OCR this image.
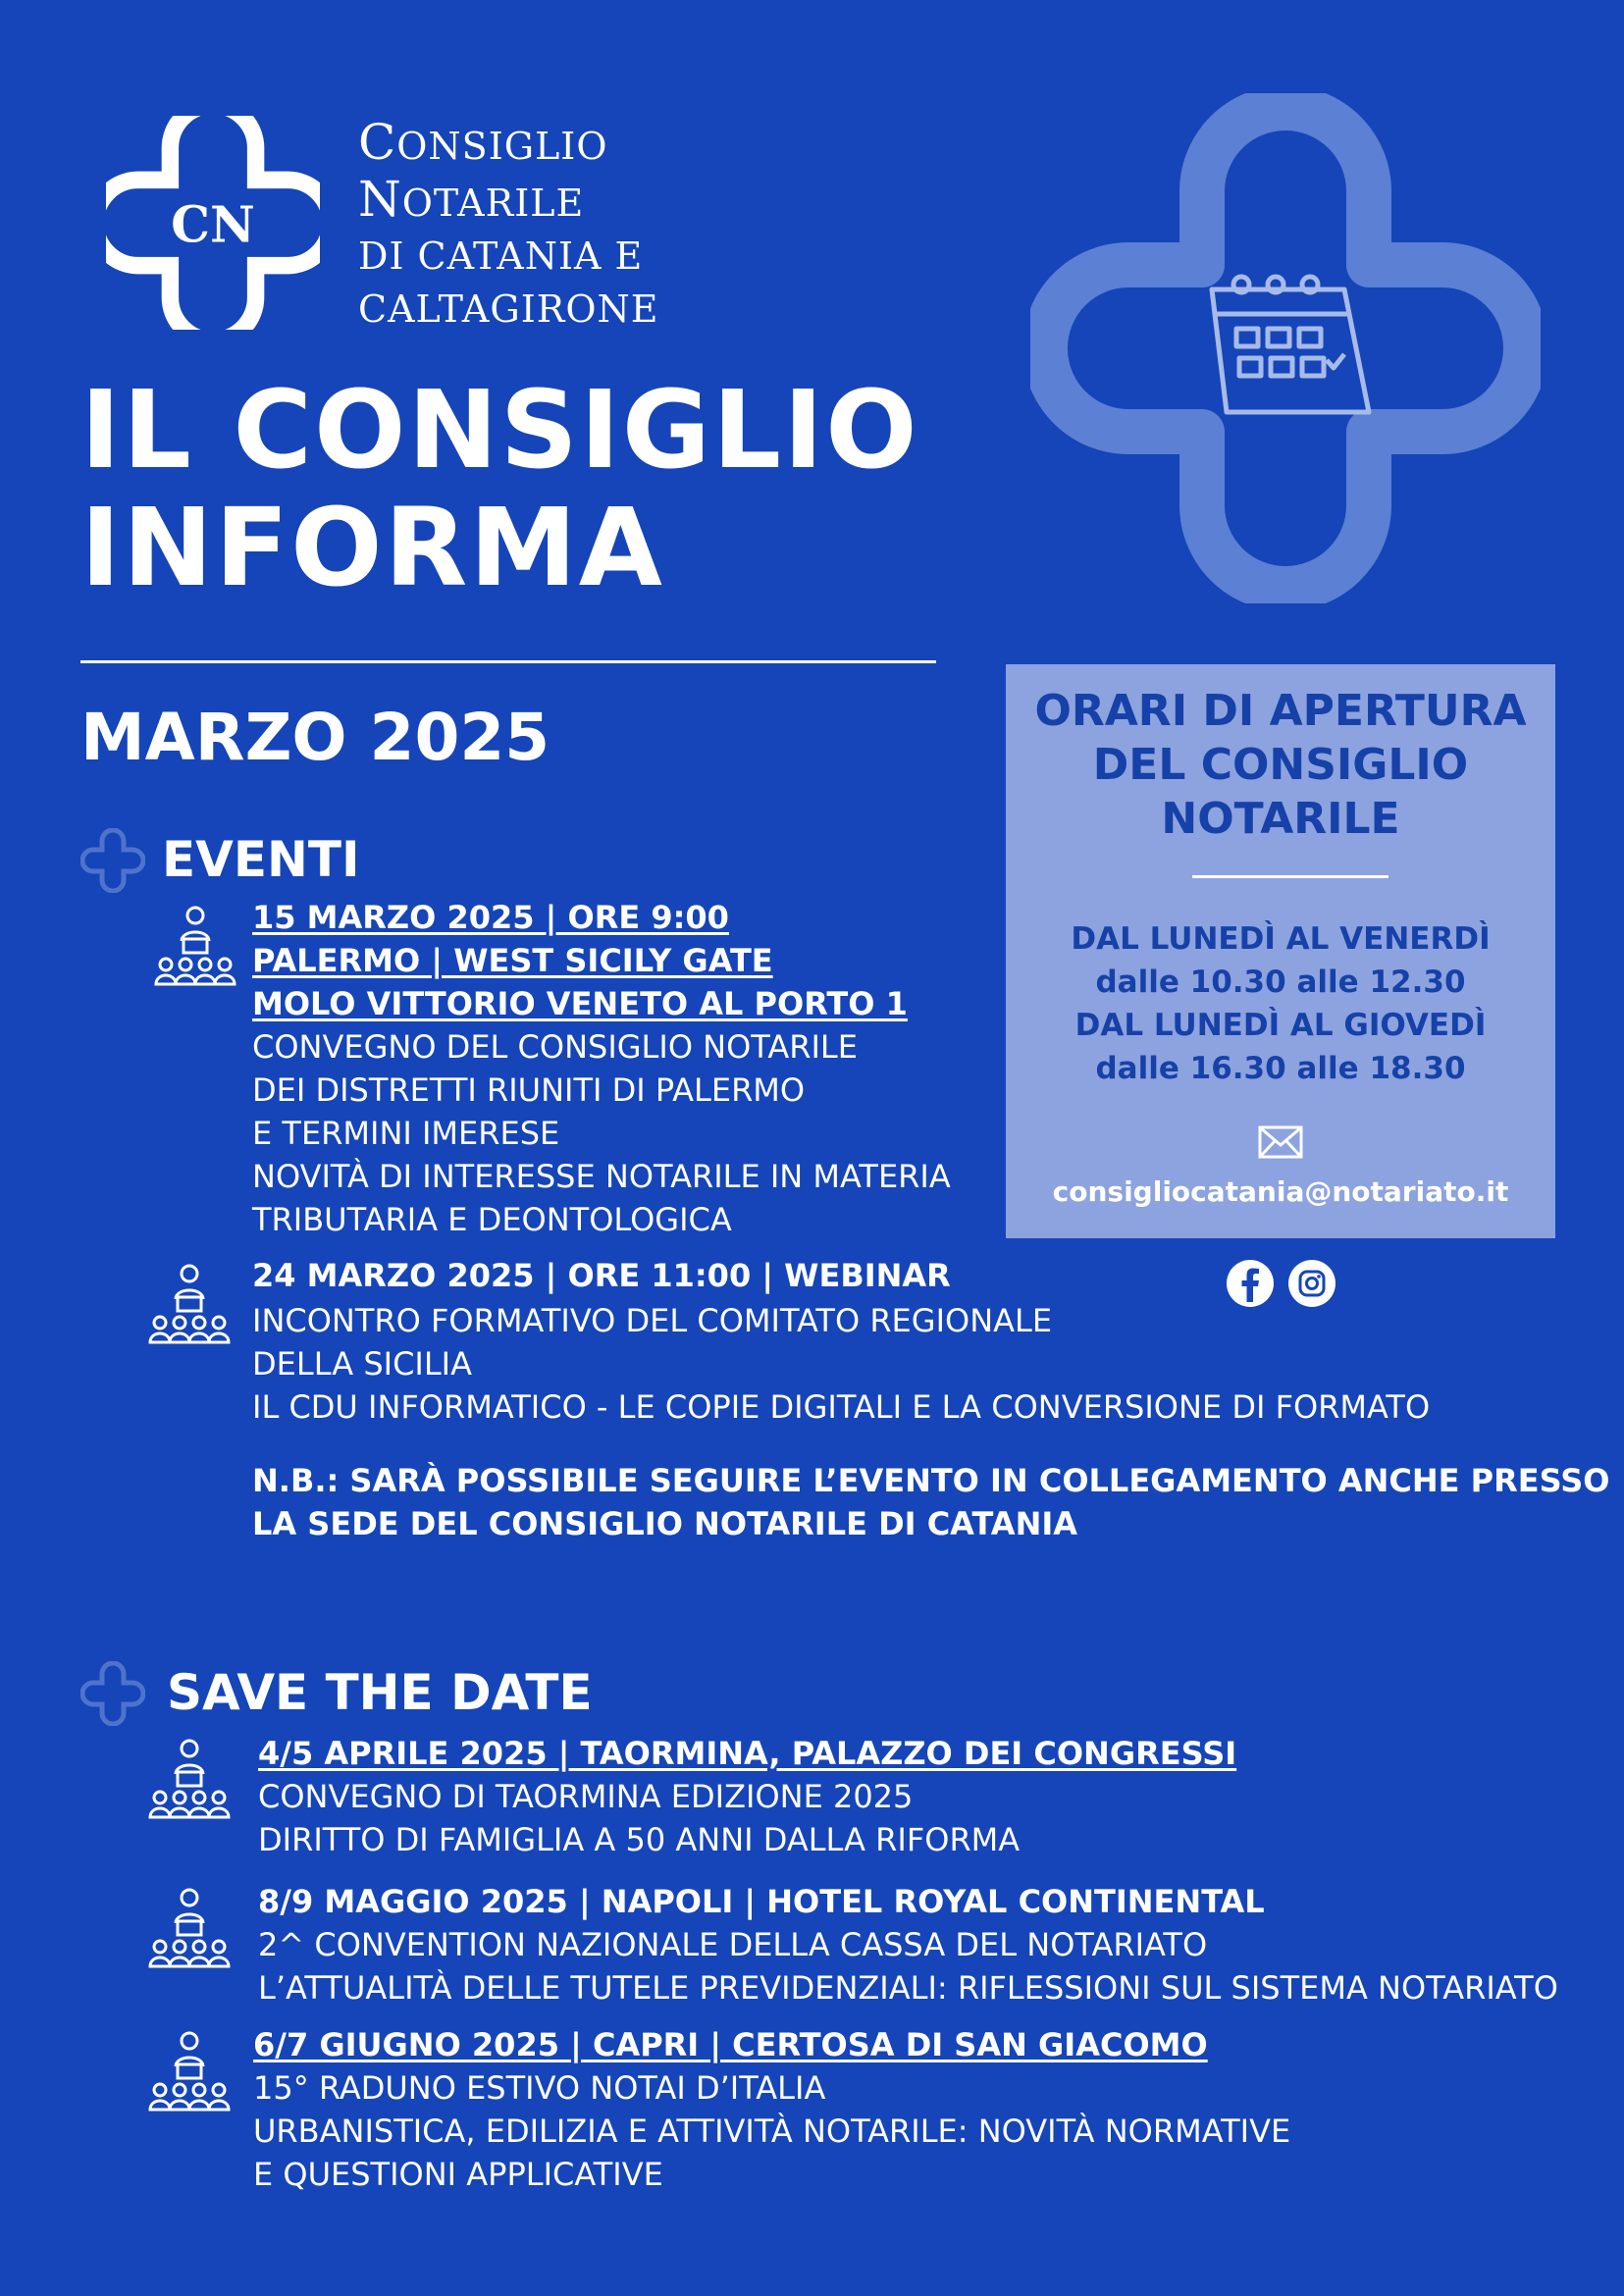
CN
CONSIGLIO
NOTARILE
DI CATANIA E
CALTAGIRONE
IL CONSIGLIO
INFORMA
MARZO 2025	ORARI DI APERTURA
DEL CONSIGLIO
NOTARILE
DAL LUNEDÌ AL VENERDÌ
dalle 10.30 alle 12.30
DAL LUNEDÌ AL GIOVEDÌ
dalle 16.30 alle 18.30
consigliocatania@notariato.it
EVENTI
15 MARZO 2025 | ORE 9:00
PALERMO | WEST SICILY GATE
MOLO VITTORIO VENETO AL PORTO 1
CONVEGNO DEL CONSIGLIO NOTARILE
DEI DISTRETTI RIUNITI DI PALERMO
E TERMINI IMERESE
NOVITÀ DI INTERESSE NOTARILE IN MATERIA
TRIBUTARIA E DEONTOLOGICA
24 MARZO 2025 | ORE 11:00 | WEBINAR
INCONTRO FORMATIVO DEL COMITATO REGIONALE
DELLA SICILIA
IL CDU INFORMATICO - LE COPIE DIGITALI E LA CONVERSIONE DI FORMATO
N.B.: SARÀ POSSIBILE SEGUIRE L’EVENTO IN COLLEGAMENTO ANCHE PRESSO
LA SEDE DEL CONSIGLIO NOTARILE DI CATANIA
SAVE THE DATE
4/5 APRILE 2025 | TAORMINA, PALAZZO DEI CONGRESSI
CONVEGNO DI TAORMINA EDIZIONE 2025
DIRITTO DI FAMIGLIA A 50 ANNI DALLA RIFORMA
8/9 MAGGIO 2025 | NAPOLI | HOTEL ROYAL CONTINENTAL
2^ CONVENTION NAZIONALE DELLA CASSA DEL NOTARIATO
L’ATTUALITÀ DELLE TUTELE PREVIDENZIALI: RIFLESSIONI SUL SISTEMA NOTARIATO
6/7 GIUGNO 2025 | CAPRI | CERTOSA DI SAN GIACOMO
15° RADUNO ESTIVO NOTAI D’ITALIA
URBANISTICA, EDILIZIA E ATTIVITÀ NOTARILE: NOVITÀ NORMATIVE
E QUESTIONI APPLICATIVE
